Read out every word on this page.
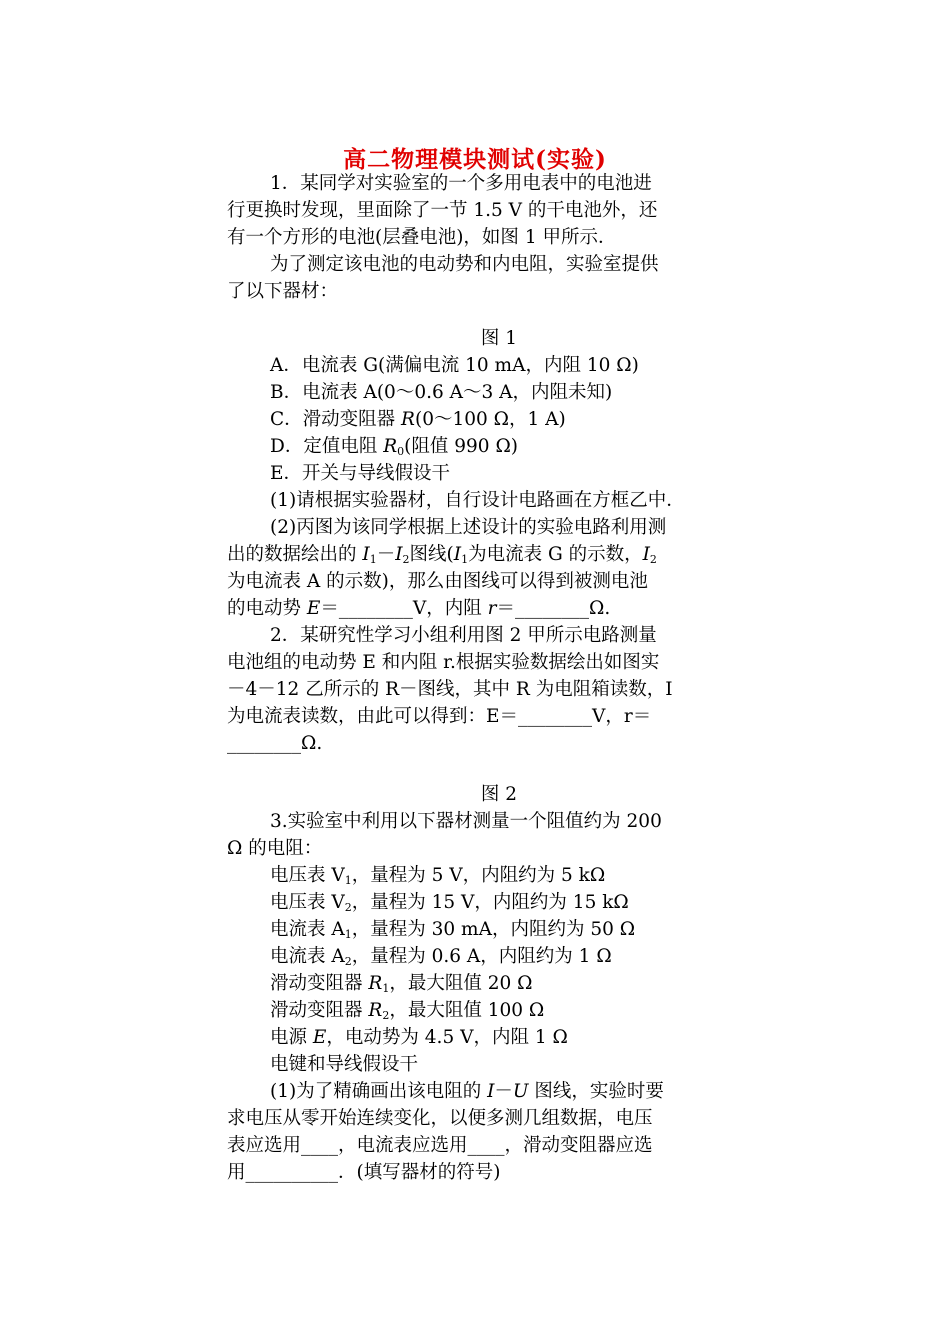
高二物理模块测试(实验)
1．某同学对实验室的一个多用电表中的电池进
行更换时发现，里面除了一节 1.5 V 的干电池外，还
有一个方形的电池(层叠电池)，如图 1 甲所示．
为了测定该电池的电动势和内电阻，实验室提供
了以下器材：
图 1
A．电流表 G(满偏电流 10 mA，内阻 10 Ω)
B．电流表 A(0～0.6 A～3 A，内阻未知)
C．滑动变阻器 R(0～100 Ω，1 A)
D．定值电阻 $R_0$(阻值 990 Ω)
E．开关与导线假设干
(1)请根据实验器材，自行设计电路画在方框乙中．
(2)丙图为该同学根据上述设计的实验电路利用测
出的数据绘出的 $I_1-I_2$图线($I_1$为电流表 G 的示数，$I_2$
为电流表 A 的示数)，那么由图线可以得到被测电池
的电动势 E＝________V，内阻 r＝________Ω.
2．某研究性学习小组利用图 2 甲所示电路测量
电池组的电动势 E 和内阻 r.根据实验数据绘出如图实
－4－12 乙所示的 R－图线，其中 R 为电阻箱读数，I
为电流表读数，由此可以得到：E＝________V，r＝
________Ω.
图 2
3.实验室中利用以下器材测量一个阻值约为 200
Ω 的电阻：
电压表 $V_1$，量程为 5 V，内阻约为 5 kΩ
电压表 $V_2$，量程为 15 V，内阻约为 15 kΩ
电流表 $A_1$，量程为 30 mA，内阻约为 50 Ω
电流表 $A_2$，量程为 0.6 A，内阻约为 1 Ω
滑动变阻器 $R_1$，最大阻值 20 Ω
滑动变阻器 $R_2$，最大阻值 100 Ω
电源 E，电动势为 4.5 V，内阻 1 Ω
电键和导线假设干
(1)为了精确画出该电阻的 I－U 图线，实验时要
求电压从零开始连续变化，以便多测几组数据，电压
表应选用____，电流表应选用____，滑动变阻器应选
用__________．(填写器材的符号)
